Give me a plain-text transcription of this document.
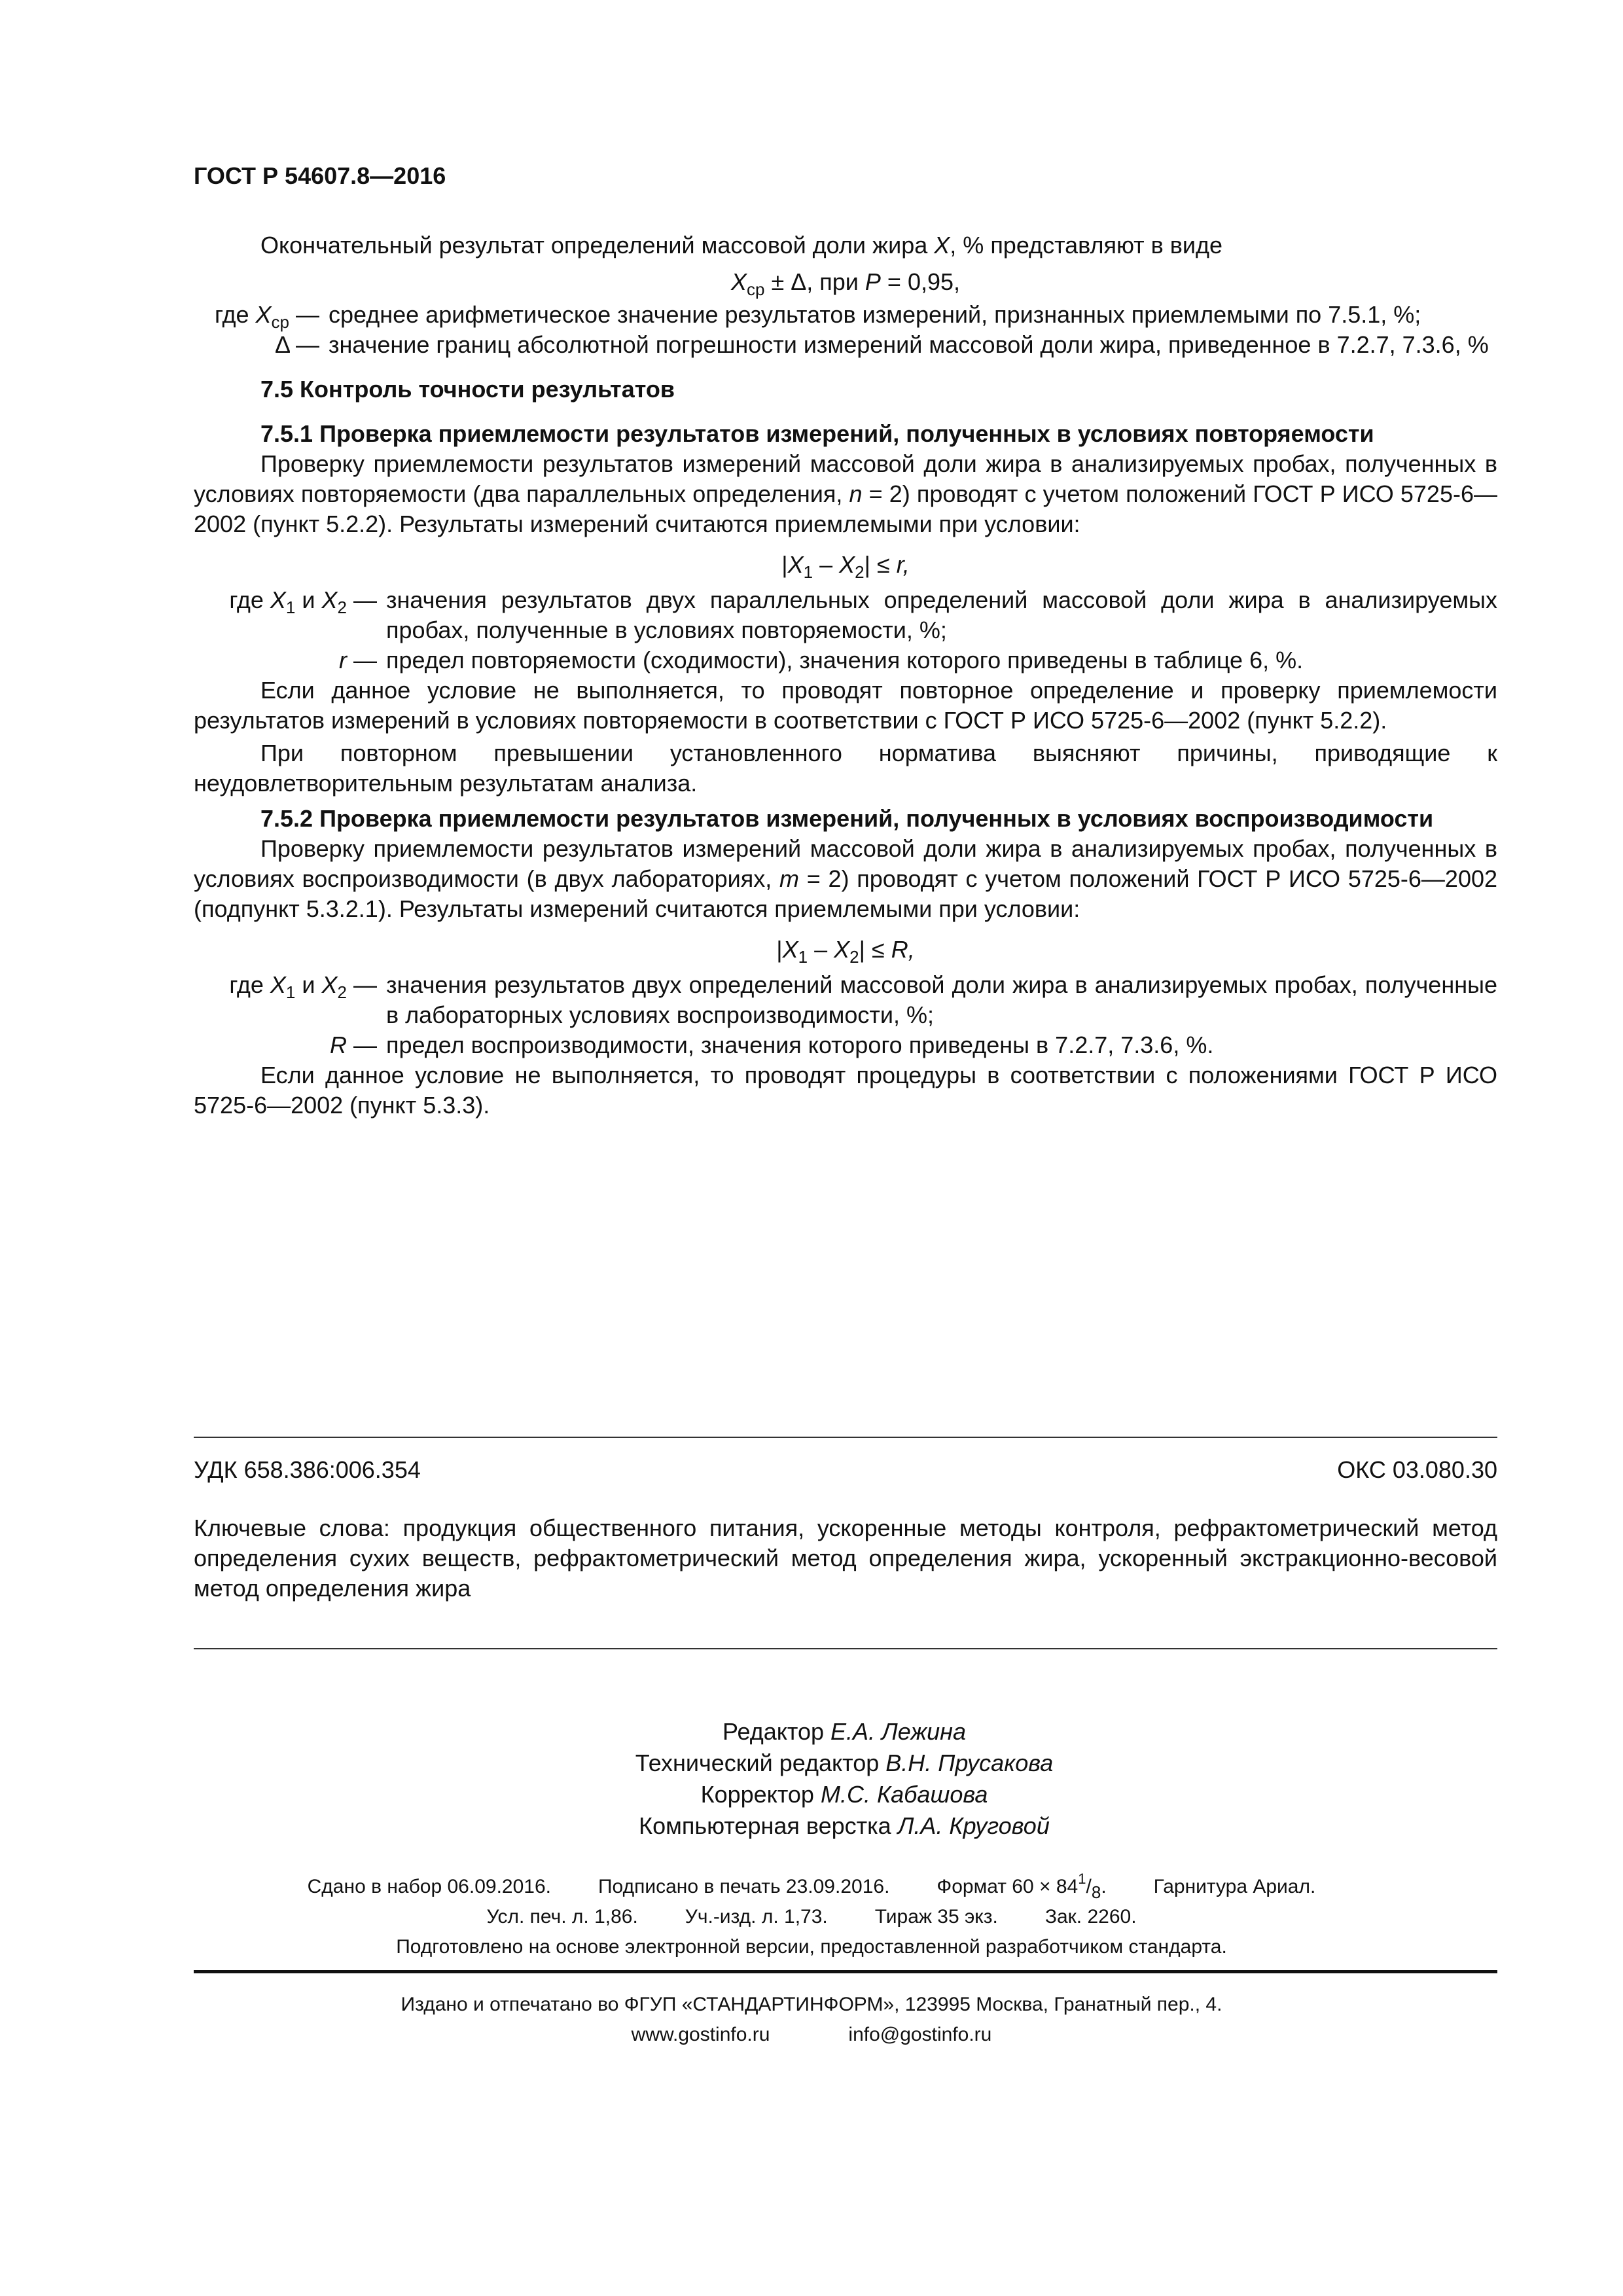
ГОСТ Р 54607.8—2016

Окончательный результат определений массовой доли жира X, % представляют в виде

$X_{ср} \pm \Delta$, при P = 0,95,

где $X_{ср}$ — среднее арифметическое значение результатов измерений, признанных приемлемыми по 7.5.1, %;
Δ — значение границ абсолютной погрешности измерений массовой доли жира, приведенное в 7.2.7, 7.3.6, %

7.5 Контроль точности результатов

7.5.1 Проверка приемлемости результатов измерений, полученных в условиях повторяемости

Проверку приемлемости результатов измерений массовой доли жира в анализируемых пробах, полученных в условиях повторяемости (два параллельных определения, n = 2) проводят с учетом положений ГОСТ Р ИСО 5725-6—2002 (пункт 5.2.2). Результаты измерений считаются приемлемыми при условии:

$|X_1 - X_2| \le r$,

где $X_1$ и $X_2$ — значения результатов двух параллельных определений массовой доли жира в анализируемых пробах, полученные в условиях повторяемости, %;
r — предел повторяемости (сходимости), значения которого приведены в таблице 6, %.

Если данное условие не выполняется, то проводят повторное определение и проверку приемлемости результатов измерений в условиях повторяемости в соответствии с ГОСТ Р ИСО 5725-6—2002 (пункт 5.2.2).

При повторном превышении установленного норматива выясняют причины, приводящие к неудовлетворительным результатам анализа.

7.5.2 Проверка приемлемости результатов измерений, полученных в условиях воспроизводимости

Проверку приемлемости результатов измерений массовой доли жира в анализируемых пробах, полученных в условиях воспроизводимости (в двух лабораториях, m = 2) проводят с учетом положений ГОСТ Р ИСО 5725-6—2002 (подпункт 5.3.2.1). Результаты измерений считаются приемлемыми при условии:

$|X_1 - X_2| \le R$,

где $X_1$ и $X_2$ — значения результатов двух определений массовой доли жира в анализируемых пробах, полученные в лабораторных условиях воспроизводимости, %;
R — предел воспроизводимости, значения которого приведены в 7.2.7, 7.3.6, %.

Если данное условие не выполняется, то проводят процедуры в соответствии с положениями ГОСТ Р ИСО 5725-6—2002 (пункт 5.3.3).

УДК 658.386:006.354	ОКС 03.080.30

Ключевые слова: продукция общественного питания, ускоренные методы контроля, рефрактометрический метод определения сухих веществ, рефрактометрический метод определения жира, ускоренный экстракционно-весовой метод определения жира

Редактор Е.А. Лежина

Технический редактор В.Н. Прусакова

Корректор М.С. Кабашова

Компьютерная верстка Л.А. Круговой

Сдано в набор 06.09.2016. Подписано в печать 23.09.2016. Формат $60 \times 84^1/_8$. Гарнитура Ариал.

Усл. печ. л. 1,86. Уч.-изд. л. 1,73. Тираж 35 экз. Зак. 2260.

Подготовлено на основе электронной версии, предоставленной разработчиком стандарта.

Издано и отпечатано во ФГУП «СТАНДАРТИНФОРМ», 123995 Москва, Гранатный пер., 4.

www.gostinfo.ru	info@gostinfo.ru
